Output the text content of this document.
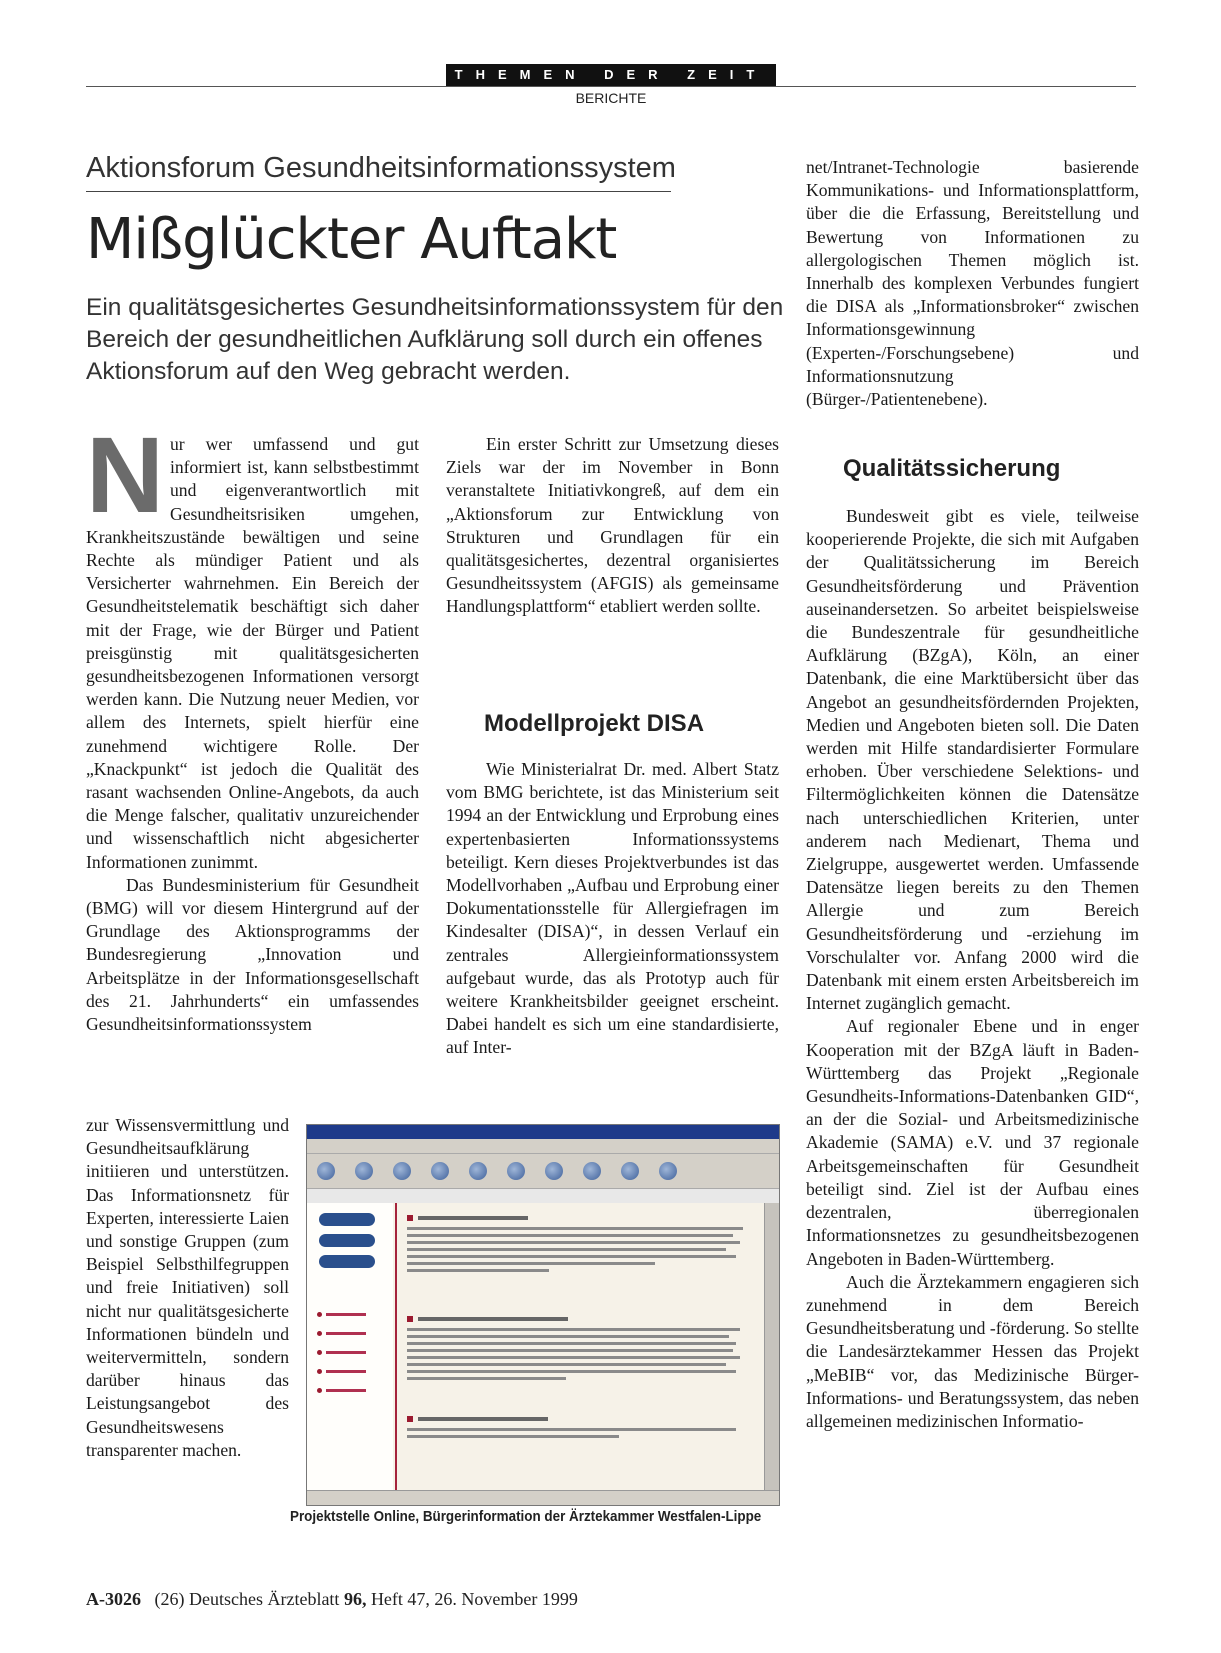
THEMEN DER ZEIT
BERICHTE
Aktionsforum Gesundheitsinformationssystem
Mißglückter Auftakt
Ein qualitätsgesichertes Gesundheitsinformationssystem für den Bereich der gesundheitlichen Aufklärung soll durch ein offenes Aktionsforum auf den Weg gebracht werden.

Nur wer umfassend und gut informiert ist, kann selbstbestimmt und eigenverantwortlich mit Gesundheitsrisiken umgehen, Krankheitszustände bewältigen und seine Rechte als mündiger Patient und als Versicherter wahrnehmen. Ein Bereich der Gesundheitstelematik beschäftigt sich daher mit der Frage, wie der Bürger und Patient preisgünstig mit qualitätsgesicherten gesundheitsbezogenen Informationen versorgt werden kann. Die Nutzung neuer Medien, vor allem des Internets, spielt hierfür eine zunehmend wichtigere Rolle. Der „Knackpunkt“ ist jedoch die Qualität des rasant wachsenden Online-Angebots, da auch die Menge falscher, qualitativ unzureichender und wissenschaftlich nicht abgesicherter Informationen zunimmt.

Das Bundesministerium für Gesundheit (BMG) will vor diesem Hintergrund auf der Grundlage des Aktionsprogramms der Bundesregierung „Innovation und Arbeitsplätze in der Informationsgesellschaft des 21. Jahrhunderts“ ein umfassendes Gesundheitsinformationssystem

zur Wissensvermittlung und Gesundheitsaufklärung initiieren und unterstützen. Das Informationsnetz für Experten, interessierte Laien und sonstige Gruppen (zum Beispiel Selbsthilfegruppen und freie Initiativen) soll nicht nur qualitätsgesicherte Informationen bündeln und weitervermitteln, sondern darüber hinaus das Leistungsangebot des Gesundheitswesens transparenter machen.

Ein erster Schritt zur Umsetzung dieses Ziels war der im November in Bonn veranstaltete Initiativkongreß, auf dem ein „Aktionsforum zur Entwicklung von Strukturen und Grundlagen für ein qualitätsgesichertes, dezentral organisiertes Gesundheitssystem (AFGIS) als gemeinsame Handlungsplattform“ etabliert werden sollte.

Modellprojekt DISA

Wie Ministerialrat Dr. med. Albert Statz vom BMG berichtete, ist das Ministerium seit 1994 an der Entwicklung und Erprobung eines expertenbasierten Informationssystems beteiligt. Kern dieses Projektverbundes ist das Modellvorhaben „Aufbau und Erprobung einer Dokumentationsstelle für Allergiefragen im Kindesalter (DISA)“, in dessen Verlauf ein zentrales Allergieinformationssystem aufgebaut wurde, das als Prototyp auch für weitere Krankheitsbilder geeignet erscheint. Dabei handelt es sich um eine standardisierte, auf Inter-

net/Intranet-Technologie basierende Kommunikations- und Informationsplattform, über die die Erfassung, Bereitstellung und Bewertung von Informationen zu allergologischen Themen möglich ist. Innerhalb des komplexen Verbundes fungiert die DISA als „Informationsbroker“ zwischen Informationsgewinnung (Experten-/Forschungsebene) und Informationsnutzung (Bürger-/Patientenebene).

Qualitätssicherung

Bundesweit gibt es viele, teilweise kooperierende Projekte, die sich mit Aufgaben der Qualitätssicherung im Bereich Gesundheitsförderung und Prävention auseinandersetzen. So arbeitet beispielsweise die Bundeszentrale für gesundheitliche Aufklärung (BZgA), Köln, an einer Datenbank, die eine Marktübersicht über das Angebot an gesundheitsfördernden Projekten, Medien und Angeboten bieten soll. Die Daten werden mit Hilfe standardisierter Formulare erhoben. Über verschiedene Selektions- und Filtermöglichkeiten können die Datensätze nach unterschiedlichen Kriterien, unter anderem nach Medienart, Thema und Zielgruppe, ausgewertet werden. Umfassende Datensätze liegen bereits zu den Themen Allergie und zum Bereich Gesundheitsförderung und -erziehung im Vorschulalter vor. Anfang 2000 wird die Datenbank mit einem ersten Arbeitsbereich im Internet zugänglich gemacht.

Auf regionaler Ebene und in enger Kooperation mit der BZgA läuft in Baden-Württemberg das Projekt „Regionale Gesundheits-Informations-Datenbanken GID“, an der die Sozial- und Arbeitsmedizinische Akademie (SAMA) e.V. und 37 regionale Arbeitsgemeinschaften für Gesundheit beteiligt sind. Ziel ist der Aufbau eines dezentralen, überregionalen Informationsnetzes zu gesundheitsbezogenen Angeboten in Baden-Württemberg.

Auch die Ärztekammern engagieren sich zunehmend in dem Bereich Gesundheitsberatung und -förderung. So stellte die Landesärztekammer Hessen das Projekt „MeBIB“ vor, das Medizinische Bürger-Informations- und Beratungssystem, das neben allgemeinen medizinischen Informatio-

Projektstelle Online, Bürgerinformation der Ärztekammer Westfalen-Lippe
A-3026 (26) Deutsches Ärzteblatt 96, Heft 47, 26. November 1999
